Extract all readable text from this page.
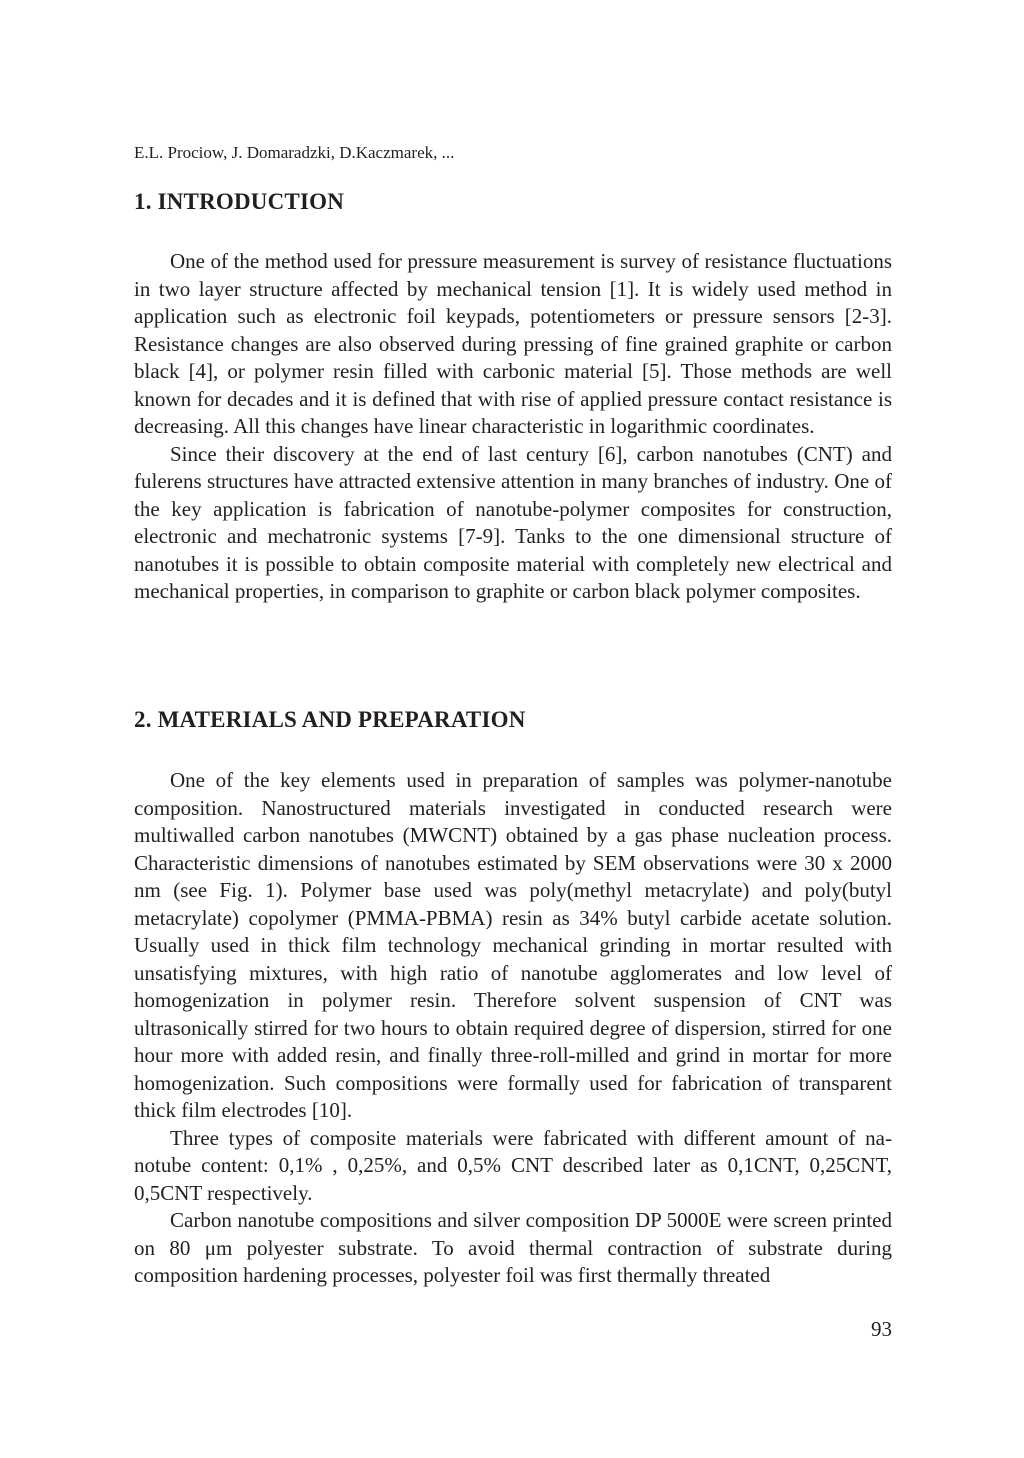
E.L. Prociow, J. Domaradzki, D.Kaczmarek, ...
1. INTRODUCTION

One of the method used for pressure measurement is survey of resistance fluctuations in two layer structure affected by mechanical tension [1]. It is widely used method in application such as electronic foil keypads, potentiometers or pressure sensors [2-3]. Resistance changes are also observed during pressing of fine grained graphite or carbon black [4], or polymer resin filled with carbonic material [5]. Those methods are well known for decades and it is defined that with rise of applied pressure contact resistance is decreasing. All this changes have linear characteristic in logarithmic coordinates.

Since their discovery at the end of last century [6], carbon nanotubes (CNT) and fulerens structures have attracted extensive attention in many branches of industry. One of the key application is fabrication of nanotube-polymer composites for construction, electronic and mechatronic systems [7-9]. Tanks to the one dimensional structure of nanotubes it is possible to obtain composite material with completely new electrical and mechanical properties, in comparison to graphite or carbon black polymer composites.

2. MATERIALS AND PREPARATION

One of the key elements used in preparation of samples was polymer-nanotube composition. Nanostructured materials investigated in conducted research were multiwalled carbon nanotubes (MWCNT) obtained by a gas phase nucleation process. Characteristic dimensions of nanotubes estimated by SEM observations were 30 x 2000 nm (see Fig. 1). Polymer base used was poly(methyl metacrylate) and poly(butyl metacrylate) copolymer (PMMA-PBMA) resin as 34% butyl carbide acetate solution. Usually used in thick film technology mechanical grinding in mortar resulted with unsatisfying mixtures, with high ratio of nanotube agglomerates and low level of homogenization in polymer resin. Therefore solvent suspension of CNT was ultrasonically stirred for two hours to obtain required degree of dispersion, stirred for one hour more with added resin, and finally three-roll-milled and grind in mortar for more homogenization. Such compositions were formally used for fabrication of transparent thick film electrodes [10].

Three types of composite materials were fabricated with different amount of nanotube content: 0,1% , 0,25%, and 0,5% CNT described later as 0,1CNT, 0,25CNT, 0,5CNT respectively.

Carbon nanotube compositions and silver composition DP 5000E were screen printed on 80 μm polyester substrate. To avoid thermal contraction of substrate during composition hardening processes, polyester foil was first thermally threated

93
